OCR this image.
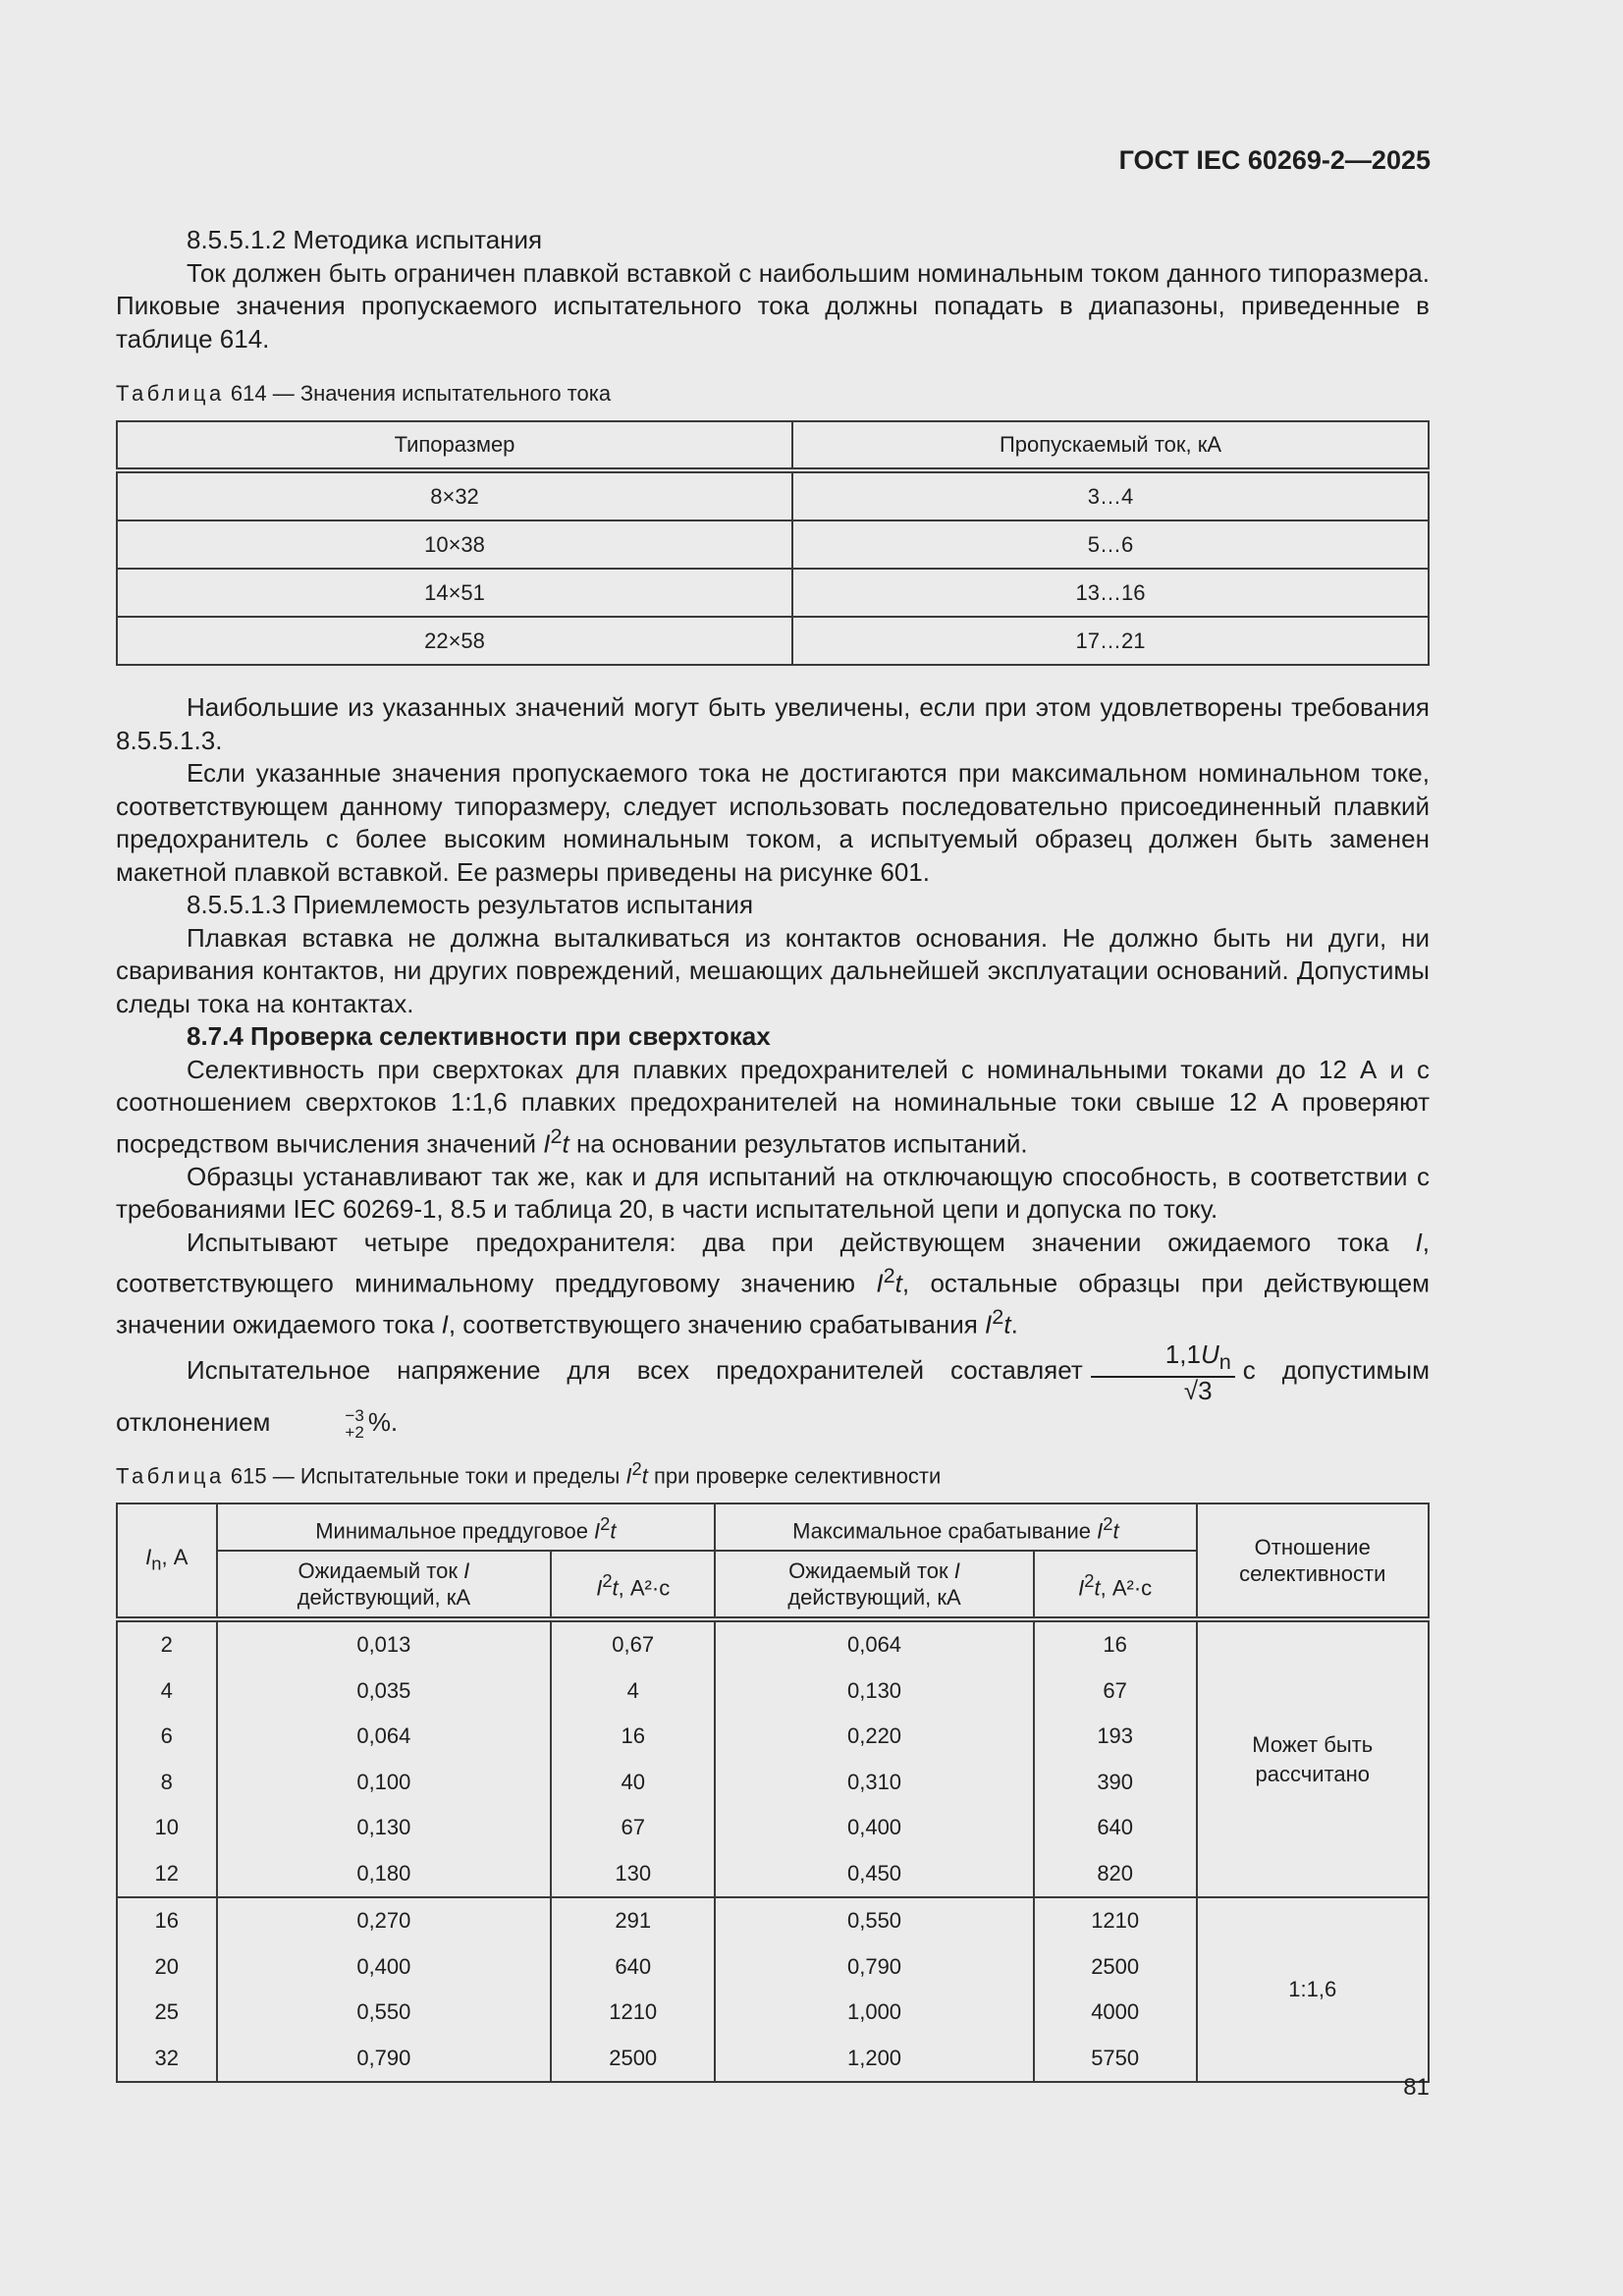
ГОСТ IEC 60269-2—2025

8.5.5.1.2 Методика испытания

Ток должен быть ограничен плавкой вставкой с наибольшим номинальным током данного типоразмера. Пиковые значения пропускаемого испытательного тока должны попадать в диапазоны, приведенные в таблице 614.

Таблица 614 — Значения испытательного тока
Типоразмер	Пропускаемый ток, кА
8×32	3…4
10×38	5…6
14×51	13…16
22×58	17…21

Наибольшие из указанных значений могут быть увеличены, если при этом удовлетворены требования 8.5.5.1.3.

Если указанные значения пропускаемого тока не достигаются при максимальном номинальном токе, соответствующем данному типоразмеру, следует использовать последовательно присоединенный плавкий предохранитель с более высоким номинальным током, а испытуемый образец должен быть заменен макетной плавкой вставкой. Ее размеры приведены на рисунке 601.

8.5.5.1.3 Приемлемость результатов испытания

Плавкая вставка не должна выталкиваться из контактов основания. Не должно быть ни дуги, ни сваривания контактов, ни других повреждений, мешающих дальнейшей эксплуатации оснований. Допустимы следы тока на контактах.

8.7.4 Проверка селективности при сверхтоках

Селективность при сверхтоках для плавких предохранителей с номинальными токами до 12 А и с соотношением сверхтоков 1:1,6 плавких предохранителей на номинальные токи свыше 12 А проверяют посредством вычисления значений $I^2t$ на основании результатов испытаний.

Образцы устанавливают так же, как и для испытаний на отключающую способность, в соответствии с требованиями IEC 60269-1, 8.5 и таблица 20, в части испытательной цепи и допуска по току.

Испытывают четыре предохранителя: два при действующем значении ожидаемого тока I, соответствующего минимальному преддуговому значению $I^2t$, остальные образцы при действующем значении ожидаемого тока I, соответствующего значению срабатывания $I^2t$.

Испытательное напряжение для всех предохранителей составляет $\frac{1,1U_n}{√3}$ с допустимым отклонением	−3
+2 %.

Таблица 615 — Испытательные токи и пределы $I^2t$ при проверке селективности
$I_n$, А	Минимальное преддуговое $I^2t$		Максимальное срабатывание $I^2t$		Отношение селективности
	Ожидаемый ток I
действующий, кА	$I^2t$, А²·с	Ожидаемый ток I
действующий, кА	$I^2t$, А²·с	
2	0,013	0,67	0,064	16	Может быть рассчитано
4	0,035	4	0,130	67	
6	0,064	16	0,220	193	
8	0,100	40	0,310	390	
10	0,130	67	0,400	640	
12	0,180	130	0,450	820	
16	0,270	291	0,550	1210	1:1,6
20	0,400	640	0,790	2500	
25	0,550	1210	1,000	4000	
32	0,790	2500	1,200	5750	
81
